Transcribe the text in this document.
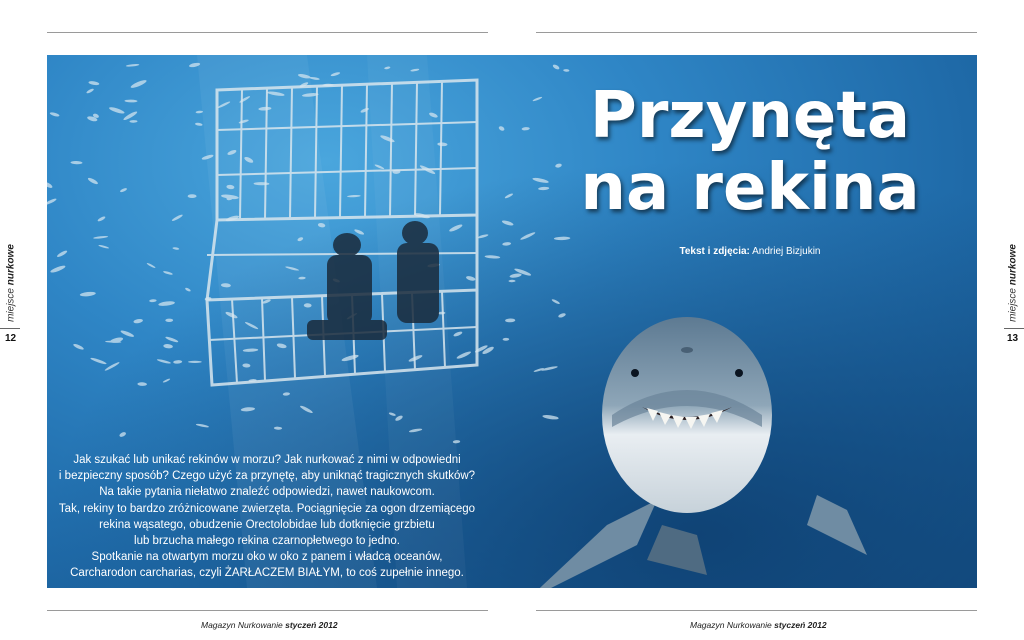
Przynęta
na rekina
Tekst i zdjęcia: Andriej Bizjukin

Jak szukać lub unikać rekinów w morzu? Jak nurkować z nimi w odpowiedni

i bezpieczny sposób? Czego użyć za przynętę, aby uniknąć tragicznych skutków?

Na takie pytania niełatwo znaleźć odpowiedzi, nawet naukowcom.

Tak, rekiny to bardzo zróżnicowane zwierzęta. Pociągnięcie za ogon drzemiącego

rekina wąsatego, obudzenie Orectolobidae lub dotknięcie grzbietu

lub brzucha małego rekina czarnopłetwego to jedno.

Spotkanie na otwartym morzu oko w oko z panem i władcą oceanów,

Carcharodon carcharias, czyli ŻARŁACZEM BIAŁYM, to coś zupełnie innego.

miejsce nurkowe
12
miejsce nurkowe
13
Magazyn Nurkowanie styczeń 2012	Magazyn Nurkowanie styczeń 2012
